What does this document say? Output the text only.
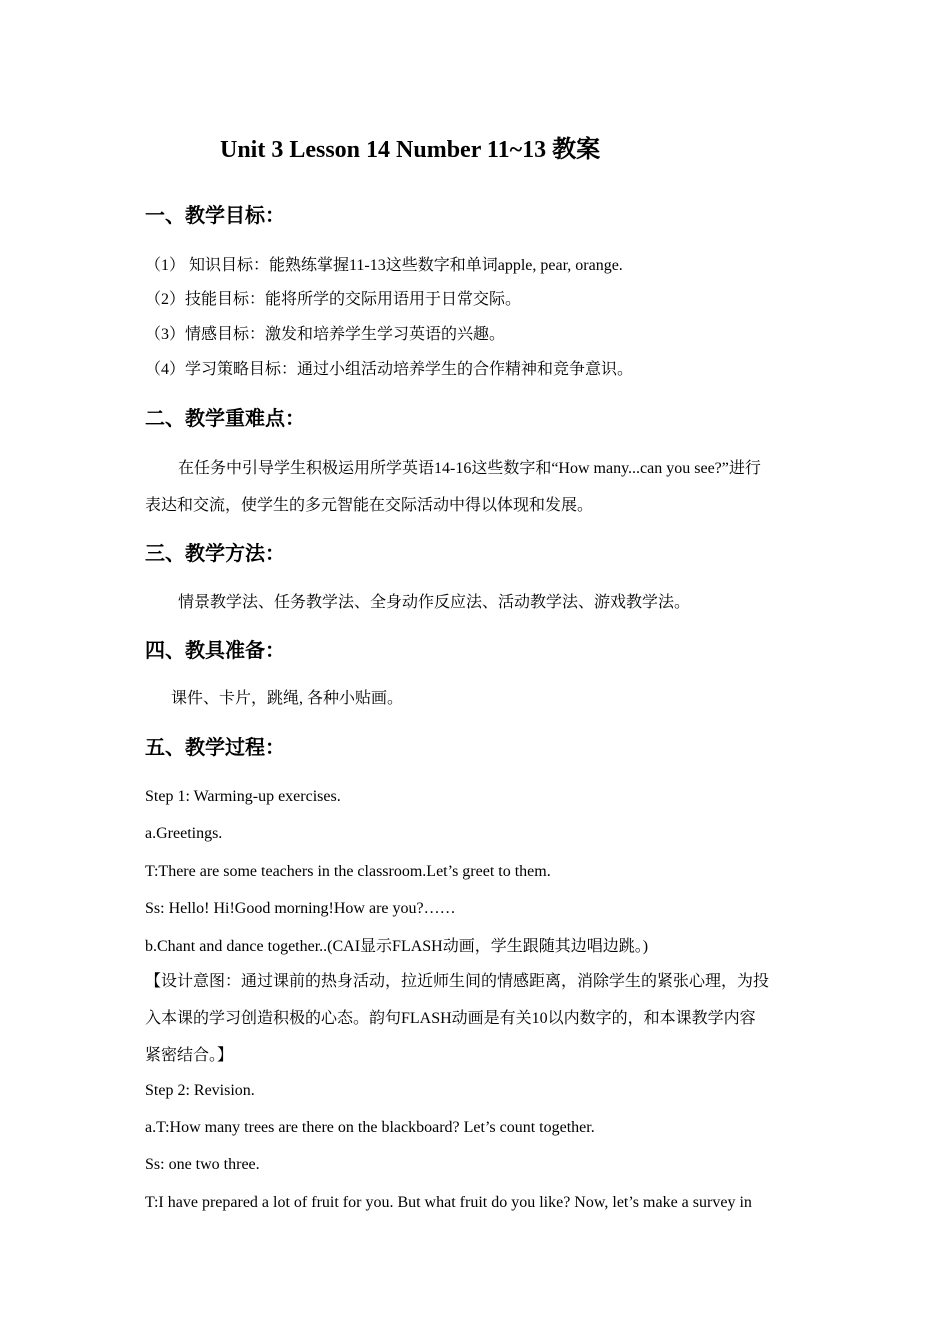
Unit 3 Lesson 14 Number 11~13 教案
一、教学目标：

（1） 知识目标：能熟练掌握11-13这些数字和单词apple, pear, orange.

（2）技能目标：能将所学的交际用语用于日常交际。

（3）情感目标：激发和培养学生学习英语的兴趣。

（4）学习策略目标：通过小组活动培养学生的合作精神和竞争意识。

二、教学重难点：

在任务中引导学生积极运用所学英语14-16这些数字和“How many...can you see?”进行

表达和交流，使学生的多元智能在交际活动中得以体现和发展。

三、教学方法：

情景教学法、任务教学法、全身动作反应法、活动教学法、游戏教学法。

四、教具准备：

课件、卡片，跳绳, 各种小贴画。

五、教学过程：

Step 1: Warming-up exercises.

a.Greetings.

T:There are some teachers in the classroom.Let’s greet to them.

Ss: Hello! Hi!Good morning!How are you?……

b.Chant and dance together..(CAI显示FLASH动画，学生跟随其边唱边跳。)

【设计意图：通过课前的热身活动，拉近师生间的情感距离，消除学生的紧张心理，为投

入本课的学习创造积极的心态。韵句FLASH动画是有关10以内数字的，和本课教学内容

紧密结合。】

Step 2: Revision.

a.T:How many trees are there on the blackboard? Let’s count together.

Ss: one two three.

T:I have prepared a lot of fruit for you. But what fruit do you like? Now, let’s make a survey in
